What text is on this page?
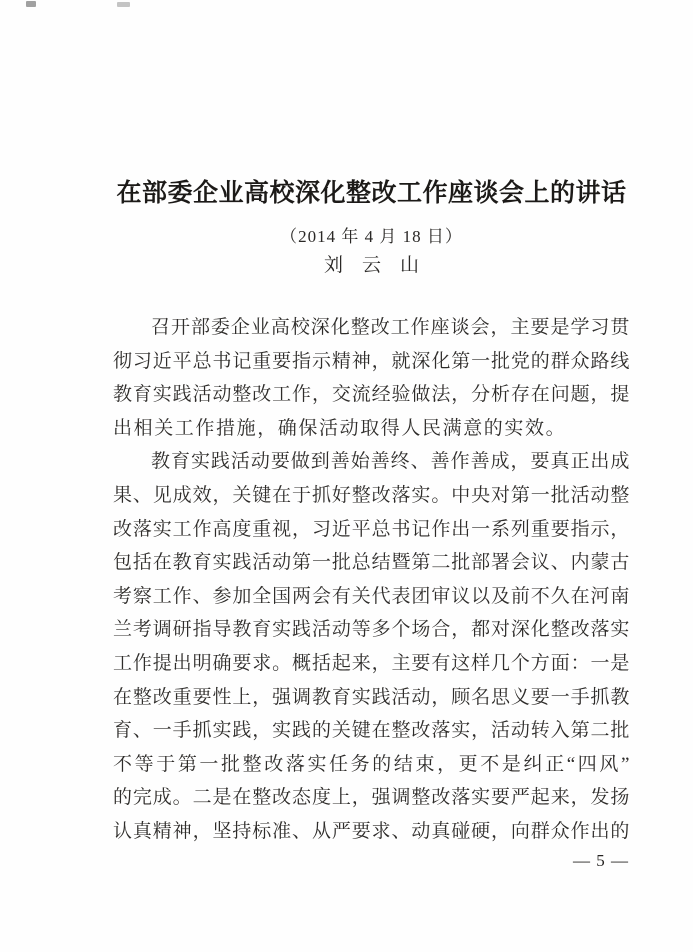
在部委企业高校深化整改工作座谈会上的讲话
（2014 年 4 月 18 日）
刘　云　山
召开部委企业高校深化整改工作座谈会，主要是学习贯
彻习近平总书记重要指示精神，就深化第一批党的群众路线
教育实践活动整改工作，交流经验做法，分析存在问题，提
出相关工作措施，确保活动取得人民满意的实效。
教育实践活动要做到善始善终、善作善成，要真正出成
果、见成效，关键在于抓好整改落实。中央对第一批活动整
改落实工作高度重视，习近平总书记作出一系列重要指示，
包括在教育实践活动第一批总结暨第二批部署会议、内蒙古
考察工作、参加全国两会有关代表团审议以及前不久在河南
兰考调研指导教育实践活动等多个场合，都对深化整改落实
工作提出明确要求。概括起来，主要有这样几个方面：一是
在整改重要性上，强调教育实践活动，顾名思义要一手抓教
育、一手抓实践，实践的关键在整改落实，活动转入第二批
不等于第一批整改落实任务的结束，更不是纠正“四风”
的完成。二是在整改态度上，强调整改落实要严起来，发扬
认真精神，坚持标准、从严要求、动真碰硬，向群众作出的
— 5 —
